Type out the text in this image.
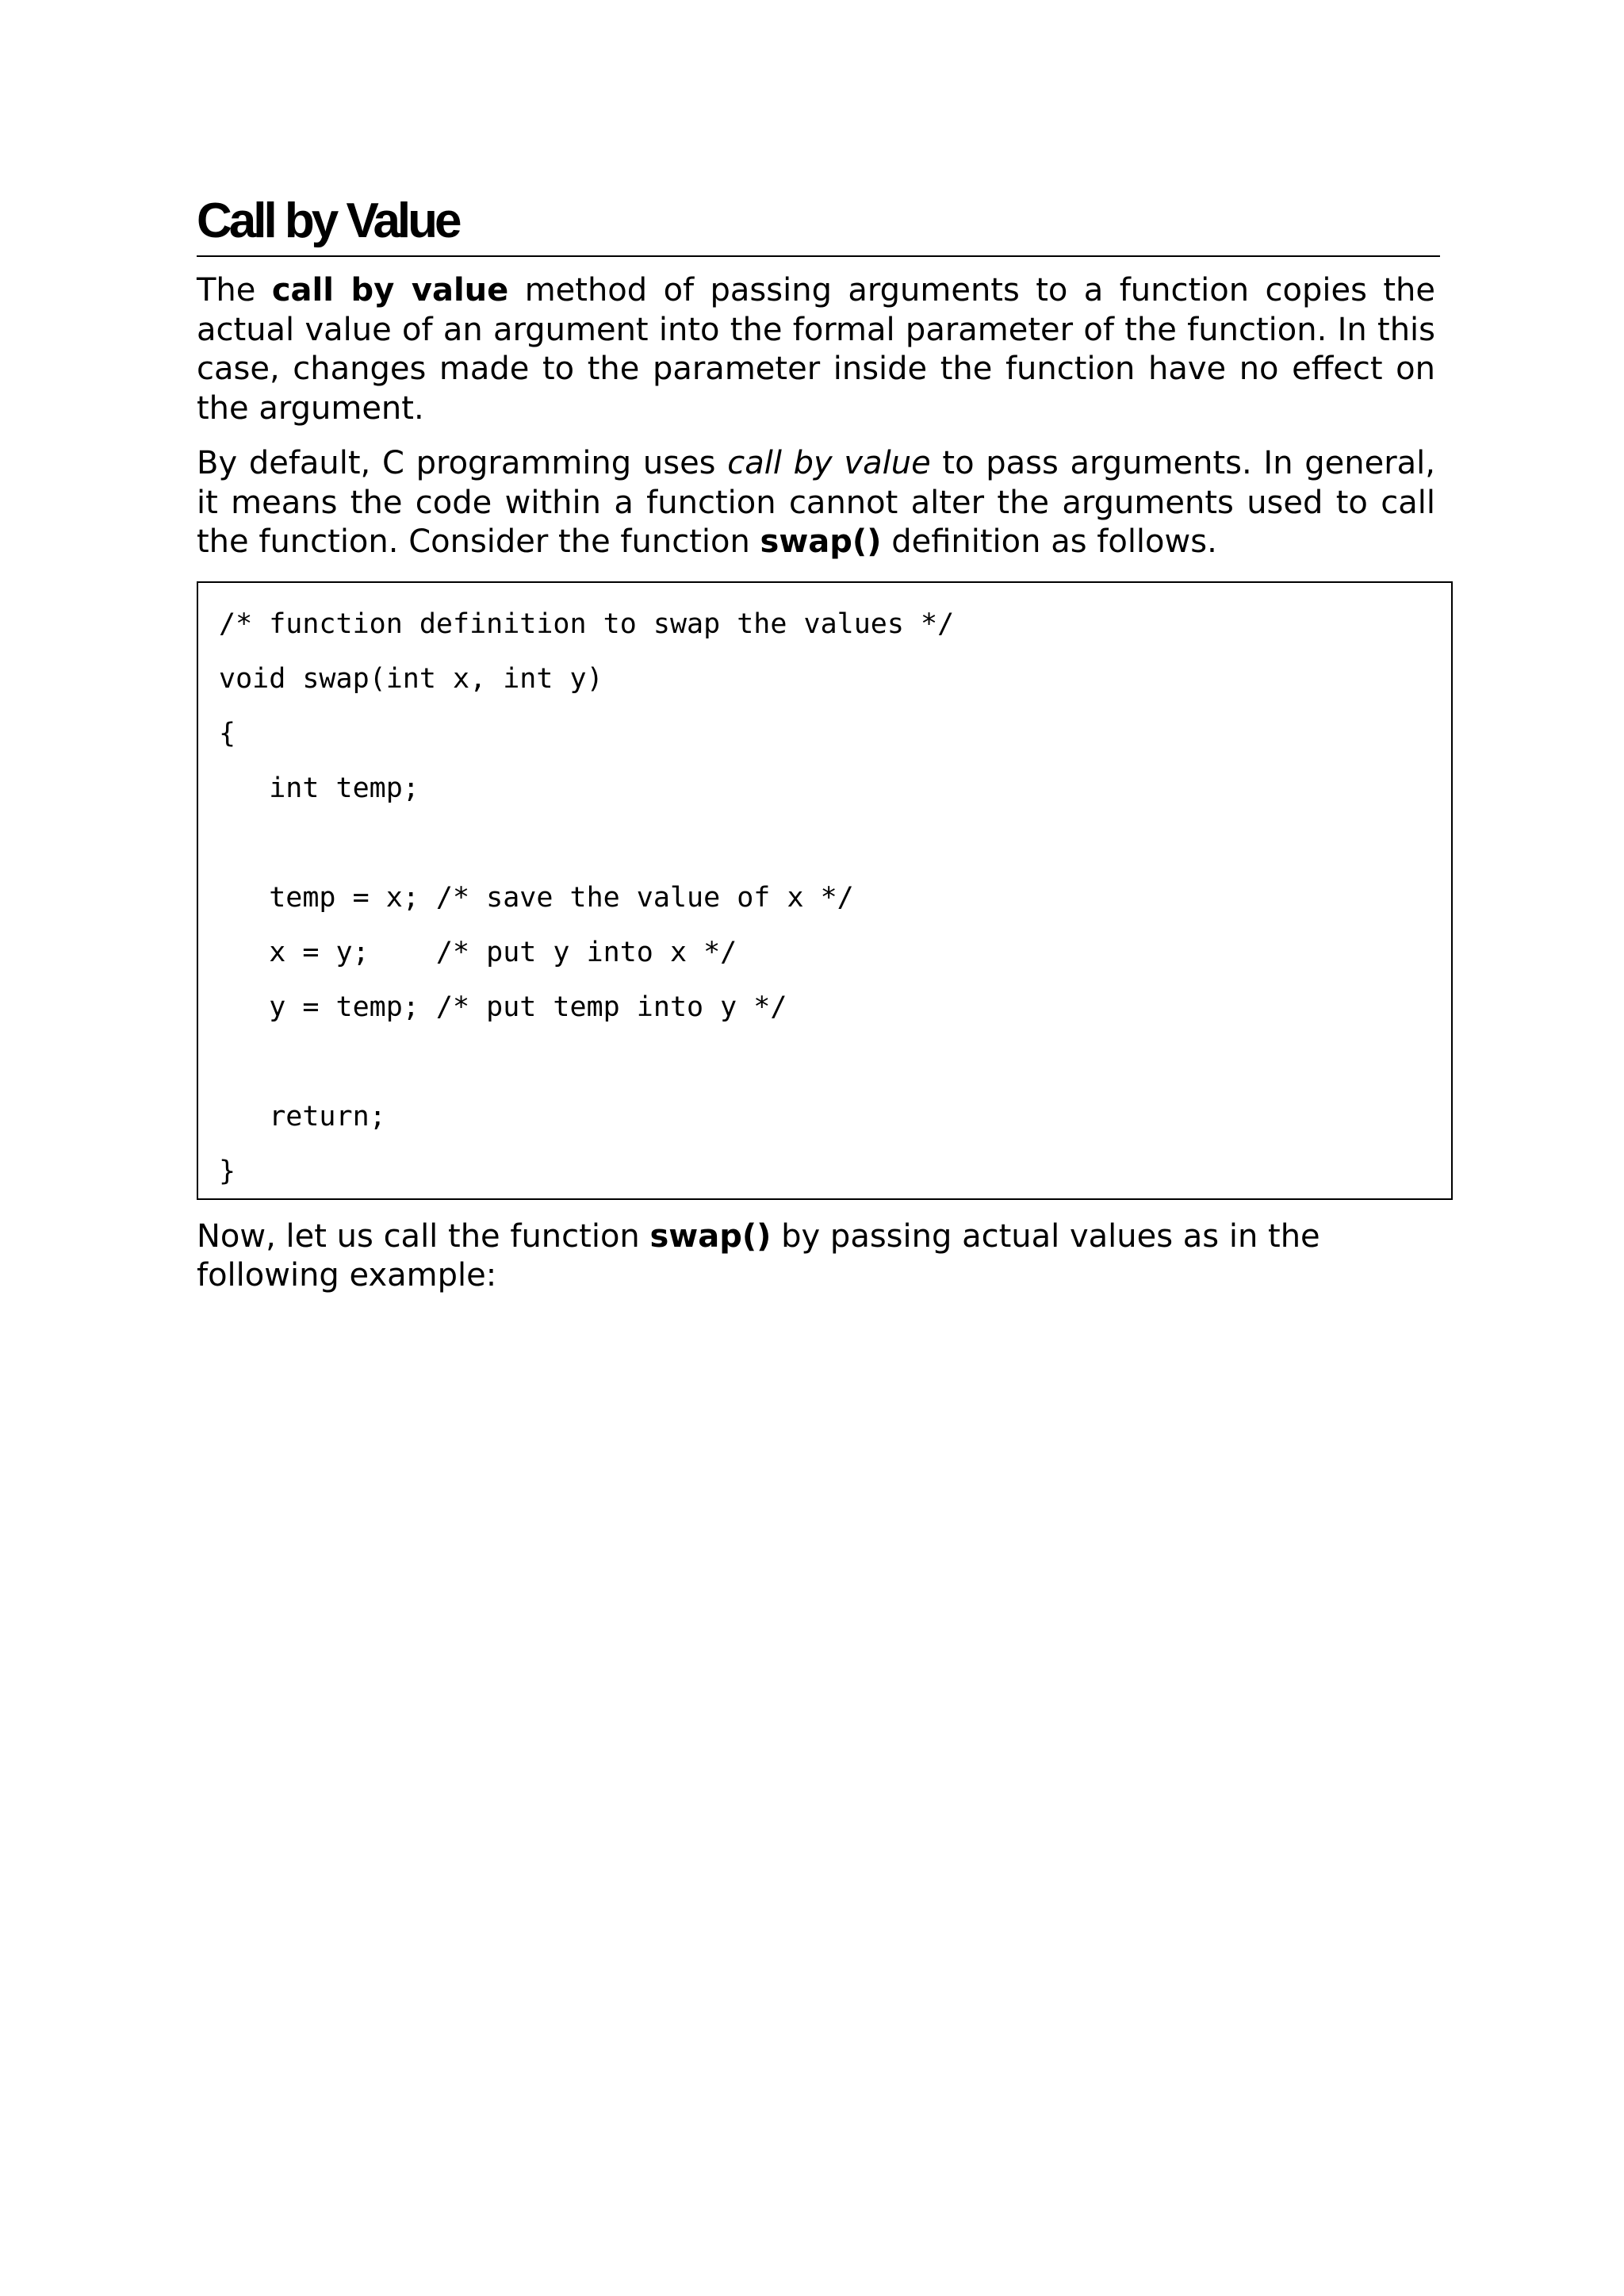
Call by Value

The call by value method of passing arguments to a function copies the actual value of an argument into the formal parameter of the function. In this case, changes made to the parameter inside the function have no effect on the argument.

By default, C programming uses call by value to pass arguments. In general, it means the code within a function cannot alter the arguments used to call the function. Consider the function swap() definition as follows.

/* function definition to swap the values */
void swap(int x, int y)
{
int temp;
temp = x; /* save the value of x */
x = y;    /* put y into x */
y = temp; /* put temp into y */
return;
}

Now, let us call the function swap() by passing actual values as in the following example:
